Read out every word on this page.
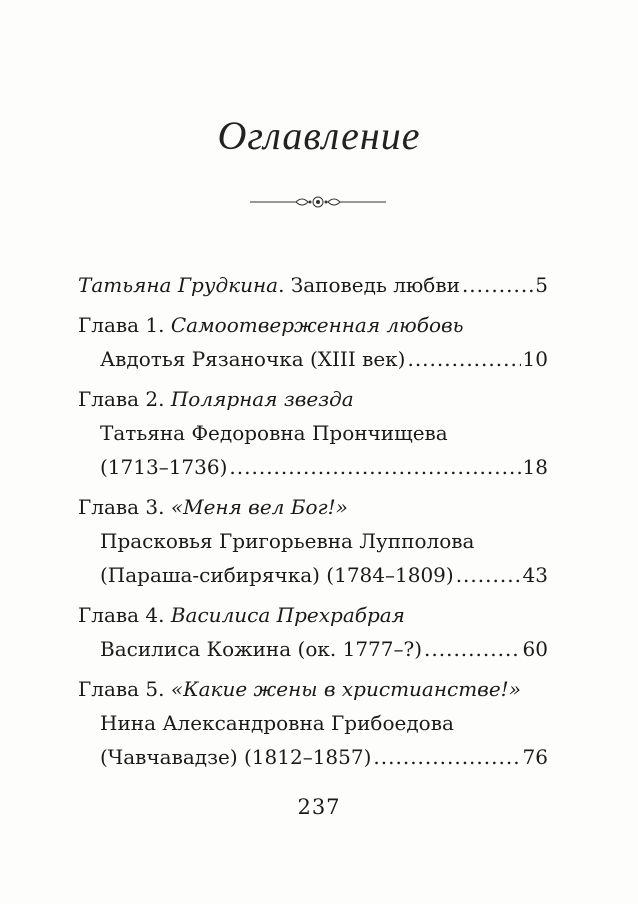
Оглавление
Татьяна Грудкина . Заповедь любви .....	5
Глава 1. Самоотверженная любовь
Авдотья Рязаночка (XIII век) .....	10
Глава 2. Полярная звезда
Татьяна Федоровна Прончищева
(1713–1736) .....	18
Глава 3. «Меня вел Бог!»
Прасковья Григорьевна Лупполова
(Параша-сибирячка) (1784–1809) .....	43
Глава 4. Василиса Прехрабрая
Василиса Кожина (ок. 1777–?) .....	60
Глава 5. «Какие жены в христианстве!»
Нина Александровна Грибоедова
(Чавчавадзе) (1812–1857) .....	76
237
